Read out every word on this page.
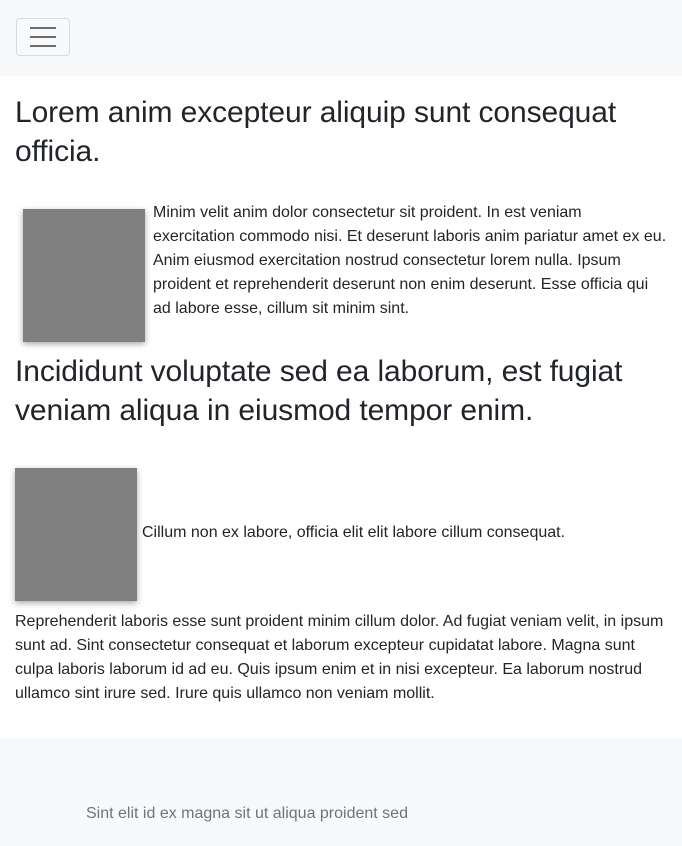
Lorem anim excepteur aliquip sunt consequat officia.

Minim velit anim dolor consectetur sit proident. In est veniam exercitation commodo nisi. Et deserunt laboris anim pariatur amet ex eu. Anim eiusmod exercitation nostrud consectetur lorem nulla. Ipsum proident et reprehenderit deserunt non enim deserunt. Esse officia qui ad labore esse, cillum sit minim sint.

Incididunt voluptate sed ea laborum, est fugiat veniam aliqua in eiusmod tempor enim.

Cillum non ex labore, officia elit elit labore cillum consequat.

Reprehenderit laboris esse sunt proident minim cillum dolor. Ad fugiat veniam velit, in ipsum sunt ad. Sint consectetur consequat et laborum excepteur cupidatat labore. Magna sunt culpa laboris laborum id ad eu. Quis ipsum enim et in nisi excepteur. Ea laborum nostrud ullamco sint irure sed. Irure quis ullamco non veniam mollit.

Sint elit id ex magna sit ut aliqua proident sed
